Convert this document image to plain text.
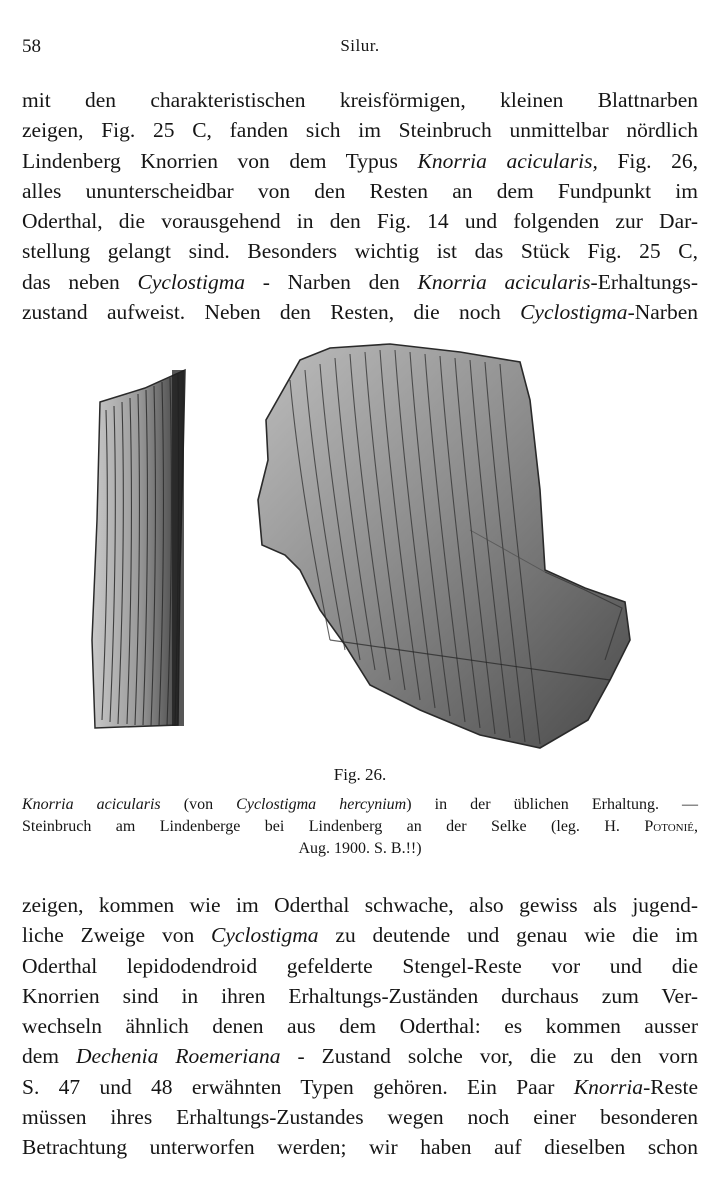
58	Silur.
mit den charakteristischen kreisförmigen, kleinen Blattnarben
zeigen, Fig. 25 C, fanden sich im Steinbruch unmittelbar nördlich
Lindenberg Knorrien von dem Typus Knorria acicularis, Fig. 26,
alles ununterscheidbar von den Resten an dem Fundpunkt im
Oderthal, die vorausgehend in den Fig. 14 und folgenden zur Dar-
stellung gelangt sind. Besonders wichtig ist das Stück Fig. 25 C,
das neben Cyclostigma - Narben den Knorria acicularis-Erhaltungs-
zustand aufweist. Neben den Resten, die noch Cyclostigma-Narben
Fig. 26.
Knorria acicularis (von Cyclostigma hercynium) in der üblichen Erhaltung. —
Steinbruch am Lindenberge bei Lindenberg an der Selke (leg. H. Potonié,
Aug. 1900. S. B.!!)
zeigen, kommen wie im Oderthal schwache, also gewiss als jugend-
liche Zweige von Cyclostigma zu deutende und genau wie die im
Oderthal lepidodendroid gefelderte Stengel-Reste vor und die
Knorrien sind in ihren Erhaltungs-Zuständen durchaus zum Ver-
wechseln ähnlich denen aus dem Oderthal: es kommen ausser
dem Dechenia Roemeriana - Zustand solche vor, die zu den vorn
S. 47 und 48 erwähnten Typen gehören. Ein Paar Knorria-Reste
müssen ihres Erhaltungs-Zustandes wegen noch einer besonderen
Betrachtung unterworfen werden; wir haben auf dieselben schon
